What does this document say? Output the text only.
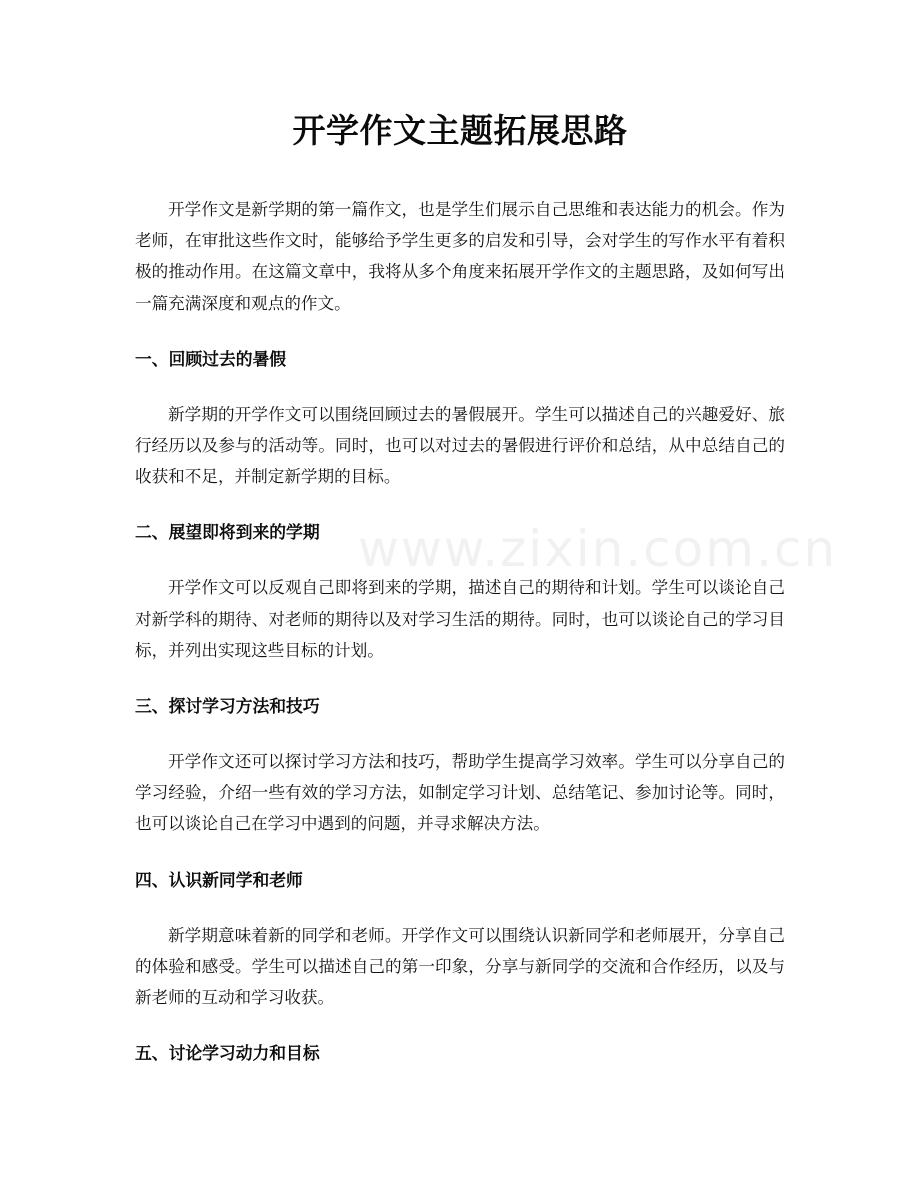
开学作文主题拓展思路

开学作文是新学期的第一篇作文，也是学生们展示自己思维和表达能力的机会。作为老师，在审批这些作文时，能够给予学生更多的启发和引导，会对学生的写作水平有着积极的推动作用。在这篇文章中，我将从多个角度来拓展开学作文的主题思路，及如何写出一篇充满深度和观点的作文。

一、回顾过去的暑假

新学期的开学作文可以围绕回顾过去的暑假展开。学生可以描述自己的兴趣爱好、旅行经历以及参与的活动等。同时，也可以对过去的暑假进行评价和总结，从中总结自己的收获和不足，并制定新学期的目标。

二、展望即将到来的学期

开学作文可以反观自己即将到来的学期，描述自己的期待和计划。学生可以谈论自己对新学科的期待、对老师的期待以及对学习生活的期待。同时，也可以谈论自己的学习目标，并列出实现这些目标的计划。

三、探讨学习方法和技巧

开学作文还可以探讨学习方法和技巧，帮助学生提高学习效率。学生可以分享自己的学习经验，介绍一些有效的学习方法，如制定学习计划、总结笔记、参加讨论等。同时，也可以谈论自己在学习中遇到的问题，并寻求解决方法。

四、认识新同学和老师

新学期意味着新的同学和老师。开学作文可以围绕认识新同学和老师展开，分享自己的体验和感受。学生可以描述自己的第一印象，分享与新同学的交流和合作经历，以及与新老师的互动和学习收获。

五、讨论学习动力和目标
www.zixin.com.cn
